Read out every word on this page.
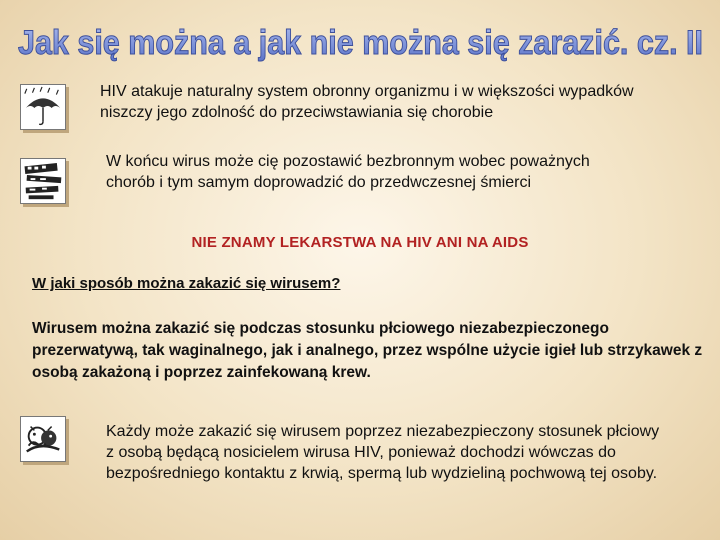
Jak się można a jak nie można się zarazić. cz. II

HIV atakuje naturalny system obronny organizmu i w większości wypadków niszczy jego zdolność do przeciwstawiania się chorobie

W końcu wirus może cię pozostawić bezbronnym wobec poważnych chorób i tym samym doprowadzić do przedwczesnej śmierci

NIE ZNAMY LEKARSTWA NA HIV ANI NA AIDS
W jaki sposób można zakazić się wirusem?

Wirusem można zakazić się podczas stosunku płciowego niezabezpieczonego prezerwatywą, tak waginalnego, jak i analnego, przez wspólne użycie igieł lub strzykawek z osobą zakażoną i poprzez zainfekowaną krew.

Każdy może zakazić się wirusem poprzez niezabezpieczony stosunek płciowy z osobą będącą nosicielem wirusa HIV, ponieważ dochodzi wówczas do bezpośredniego kontaktu z krwią, spermą lub wydzieliną pochwową tej osoby.
